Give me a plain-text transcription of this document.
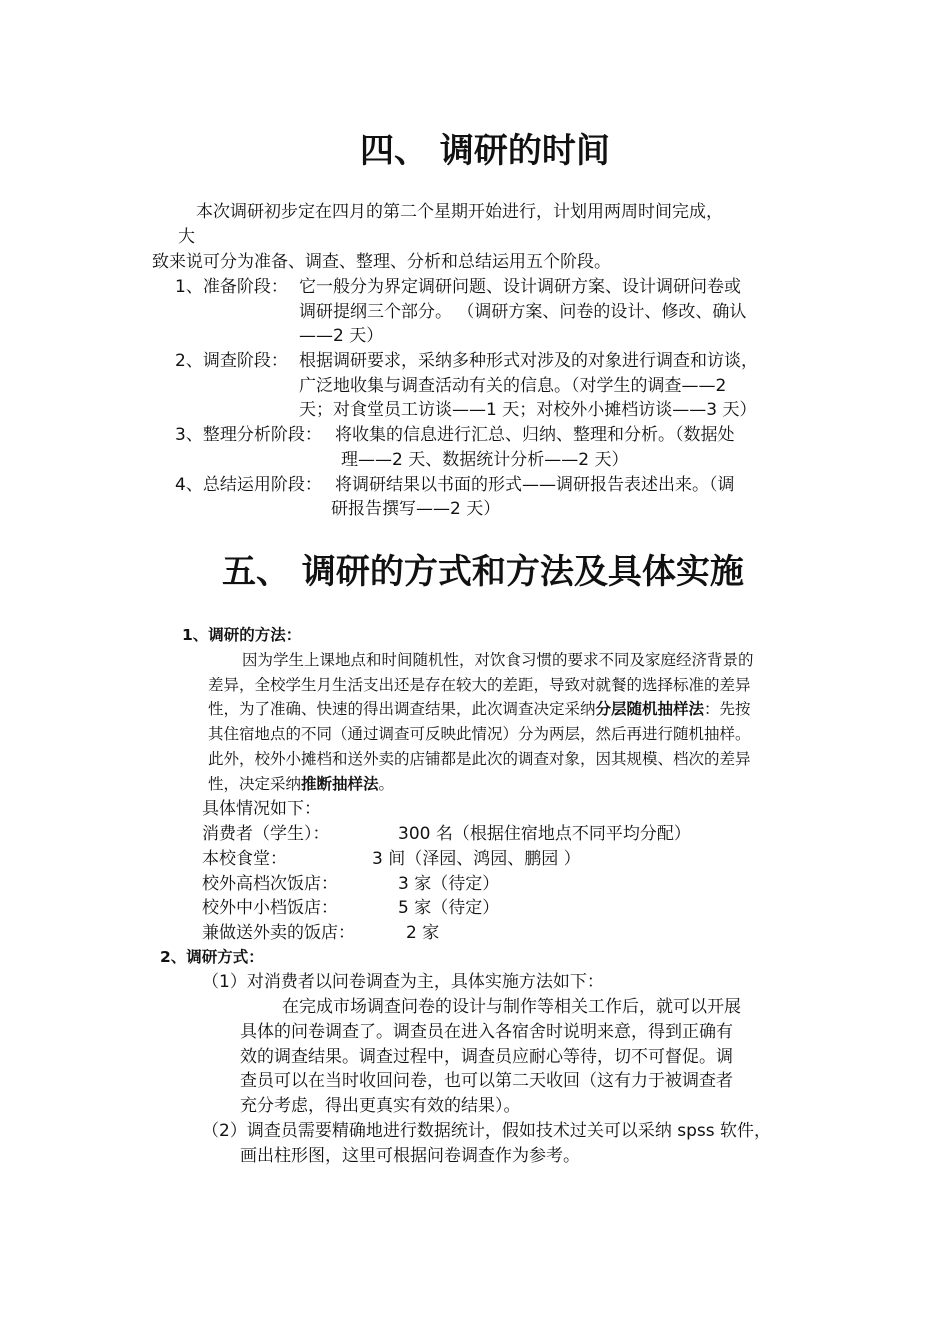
四、 调研的时间
本次调研初步定在四月的第二个星期开始进行，计划用两周时间完成，
大
致来说可分为准备、调查、整理、分析和总结运用五个阶段。
1、准备阶段： 它一般分为界定调研问题、设计调研方案、设计调研问卷或
调研提纲三个部分。 （调研方案、问卷的设计、修改、确认
——2 天）
2、调查阶段： 根据调研要求，采纳多种形式对涉及的对象进行调查和访谈，
广泛地收集与调查活动有关的信息。（对学生的调查——2
天；对食堂员工访谈——1 天；对校外小摊档访谈——3 天）
3、整理分析阶段： 将收集的信息进行汇总、归纳、整理和分析。（数据处
理——2 天、数据统计分析——2 天）
4、总结运用阶段： 将调研结果以书面的形式——调研报告表述出来。（调
研报告撰写——2 天）
五、 调研的方式和方法及具体实施
1、调研的方法：
因为学生上课地点和时间随机性，对饮食习惯的要求不同及家庭经济背景的
差异，全校学生月生活支出还是存在较大的差距，导致对就餐的选择标准的差异
性，为了准确、快速的得出调查结果，此次调查决定采纳分层随机抽样法：先按
其住宿地点的不同（通过调查可反映此情况）分为两层，然后再进行随机抽样。
此外，校外小摊档和送外卖的店铺都是此次的调查对象，因其规模、档次的差异
性，决定采纳推断抽样法。
具体情况如下：
消费者（学生）：	300 名（根据住宿地点不同平均分配）
本校食堂：	3 间（泽园、鸿园、鹏园 ）
校外高档次饭店：	3 家（待定）
校外中小档饭店：	5 家（待定）
兼做送外卖的饭店：	2 家
2、调研方式：
（1）对消费者以问卷调查为主，具体实施方法如下：
在完成市场调查问卷的设计与制作等相关工作后，就可以开展
具体的问卷调查了。调查员在进入各宿舍时说明来意，得到正确有
效的调查结果。调查过程中，调查员应耐心等待，切不可督促。调
查员可以在当时收回问卷，也可以第二天收回（这有力于被调查者
充分考虑，得出更真实有效的结果）。
（2）调查员需要精确地进行数据统计，假如技术过关可以采纳 spss 软件，
画出柱形图，这里可根据问卷调查作为参考。
